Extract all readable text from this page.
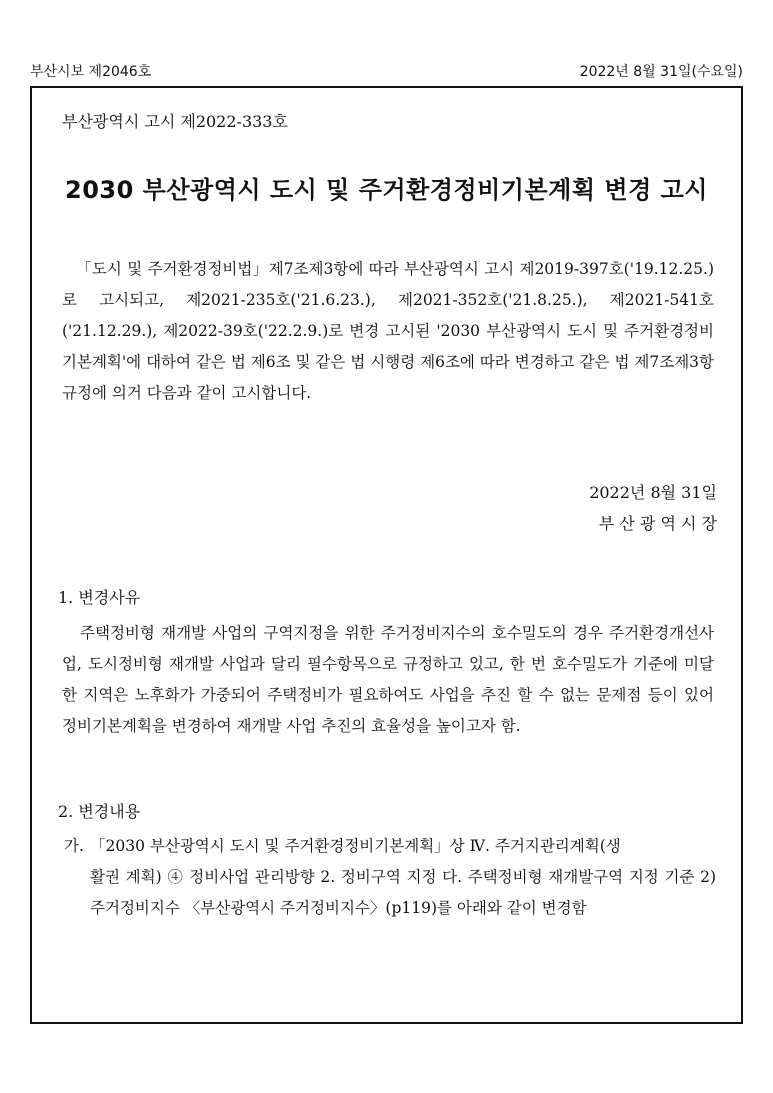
부산시보 제2046호	2022년 8월 31일(수요일)
부산광역시 고시 제2022-333호
2030 부산광역시 도시 및 주거환경정비기본계획 변경 고시

「도시 및 주거환경정비법」제7조제3항에 따라 부산광역시 고시 제2019-397호('19.12.25.)로 고시되고, 제2021-235호('21.6.23.), 제2021-352호('21.8.25.), 제2021-541호('21.12.29.), 제2022-39호('22.2.9.)로 변경 고시된 '2030 부산광역시 도시 및 주거환경정비 기본계획'에 대하여 같은 법 제6조 및 같은 법 시행령 제6조에 따라 변경하고 같은 법 제7조제3항 규정에 의거 다음과 같이 고시합니다.

2022년 8월 31일
부 산 광 역 시 장
1. 변경사유

주택정비형 재개발 사업의 구역지정을 위한 주거정비지수의 호수밀도의 경우 주거환경개선사업, 도시정비형 재개발 사업과 달리 필수항목으로 규정하고 있고, 한 번 호수밀도가 기준에 미달한 지역은 노후화가 가중되어 주택정비가 필요하여도 사업을 추진 할 수 없는 문제점 등이 있어 정비기본계획을 변경하여 재개발 사업 추진의 효율성을 높이고자 함.

2. 변경내용
가. 「2030 부산광역시 도시 및 주거환경정비기본계획」상 Ⅳ. 주거지관리계획(생
활권 계획) ④ 정비사업 관리방향 2. 정비구역 지정 다. 주택정비형 재개발구역 지정 기준 2) 주거정비지수 〈부산광역시 주거정비지수〉(p119)를 아래와 같이 변경함
